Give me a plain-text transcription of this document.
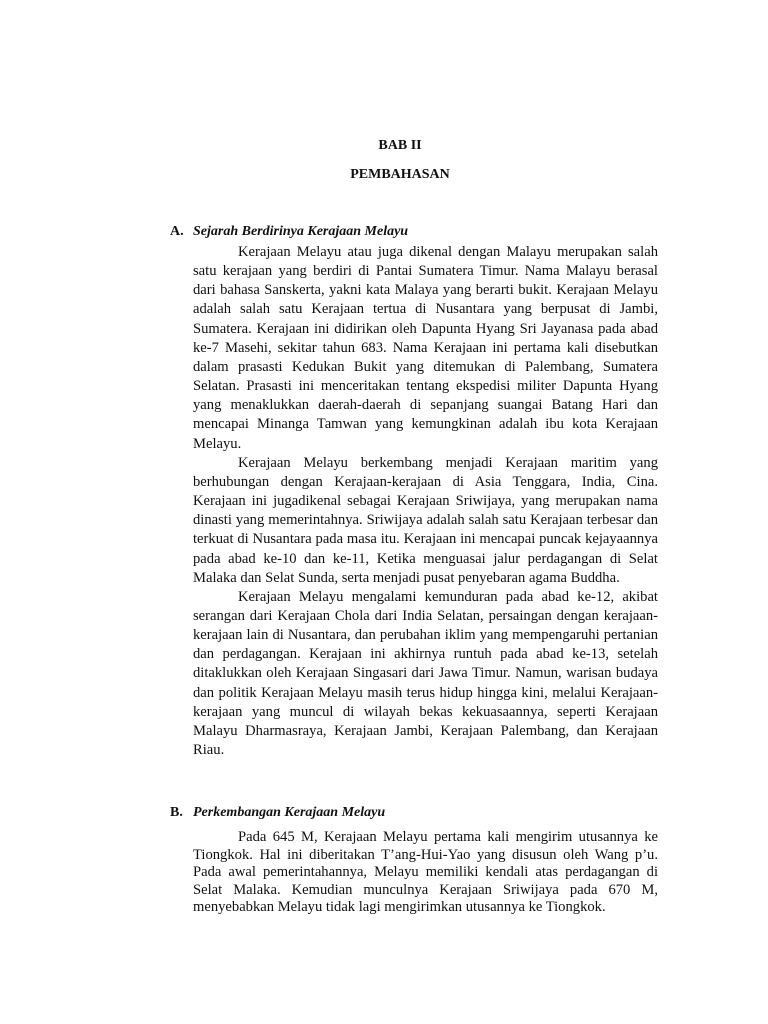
BAB II
PEMBAHASAN
A. Sejarah Berdirinya Kerajaan Melayu

Kerajaan Melayu atau juga dikenal dengan Malayu merupakan salah satu kerajaan yang berdiri di Pantai Sumatera Timur. Nama Malayu berasal dari bahasa Sanskerta, yakni kata Malaya yang berarti bukit. Kerajaan Melayu adalah salah satu Kerajaan tertua di Nusantara yang berpusat di Jambi, Sumatera. Kerajaan ini didirikan oleh Dapunta Hyang Sri Jayanasa pada abad ke-7 Masehi, sekitar tahun 683. Nama Kerajaan ini pertama kali disebutkan dalam prasasti Kedukan Bukit yang ditemukan di Palembang, Sumatera Selatan. Prasasti ini menceritakan tentang ekspedisi militer Dapunta Hyang yang menaklukkan daerah-daerah di sepanjang suangai Batang Hari dan mencapai Minanga Tamwan yang kemungkinan adalah ibu kota Kerajaan Melayu.

Kerajaan Melayu berkembang menjadi Kerajaan maritim yang berhubungan dengan Kerajaan-kerajaan di Asia Tenggara, India, Cina. Kerajaan ini jugadikenal sebagai Kerajaan Sriwijaya, yang merupakan nama dinasti yang memerintahnya. Sriwijaya adalah salah satu Kerajaan terbesar dan terkuat di Nusantara pada masa itu. Kerajaan ini mencapai puncak kejayaannya pada abad ke-10 dan ke-11, Ketika menguasai jalur perdagangan di Selat Malaka dan Selat Sunda, serta menjadi pusat penyebaran agama Buddha.

Kerajaan Melayu mengalami kemunduran pada abad ke-12, akibat serangan dari Kerajaan Chola dari India Selatan, persaingan dengan kerajaan-kerajaan lain di Nusantara, dan perubahan iklim yang mempengaruhi pertanian dan perdagangan. Kerajaan ini akhirnya runtuh pada abad ke-13, setelah ditaklukkan oleh Kerajaan Singasari dari Jawa Timur. Namun, warisan budaya dan politik Kerajaan Melayu masih terus hidup hingga kini, melalui Kerajaan-kerajaan yang muncul di wilayah bekas kekuasaannya, seperti Kerajaan Malayu Dharmasraya, Kerajaan Jambi, Kerajaan Palembang, dan Kerajaan Riau.

B. Perkembangan Kerajaan Melayu

Pada 645 M, Kerajaan Melayu pertama kali mengirim utusannya ke Tiongkok. Hal ini diberitakan T’ang-Hui-Yao yang disusun oleh Wang p’u. Pada awal pemerintahannya, Melayu memiliki kendali atas perdagangan di Selat Malaka. Kemudian munculnya Kerajaan Sriwijaya pada 670 M, menyebabkan Melayu tidak lagi mengirimkan utusannya ke Tiongkok.
